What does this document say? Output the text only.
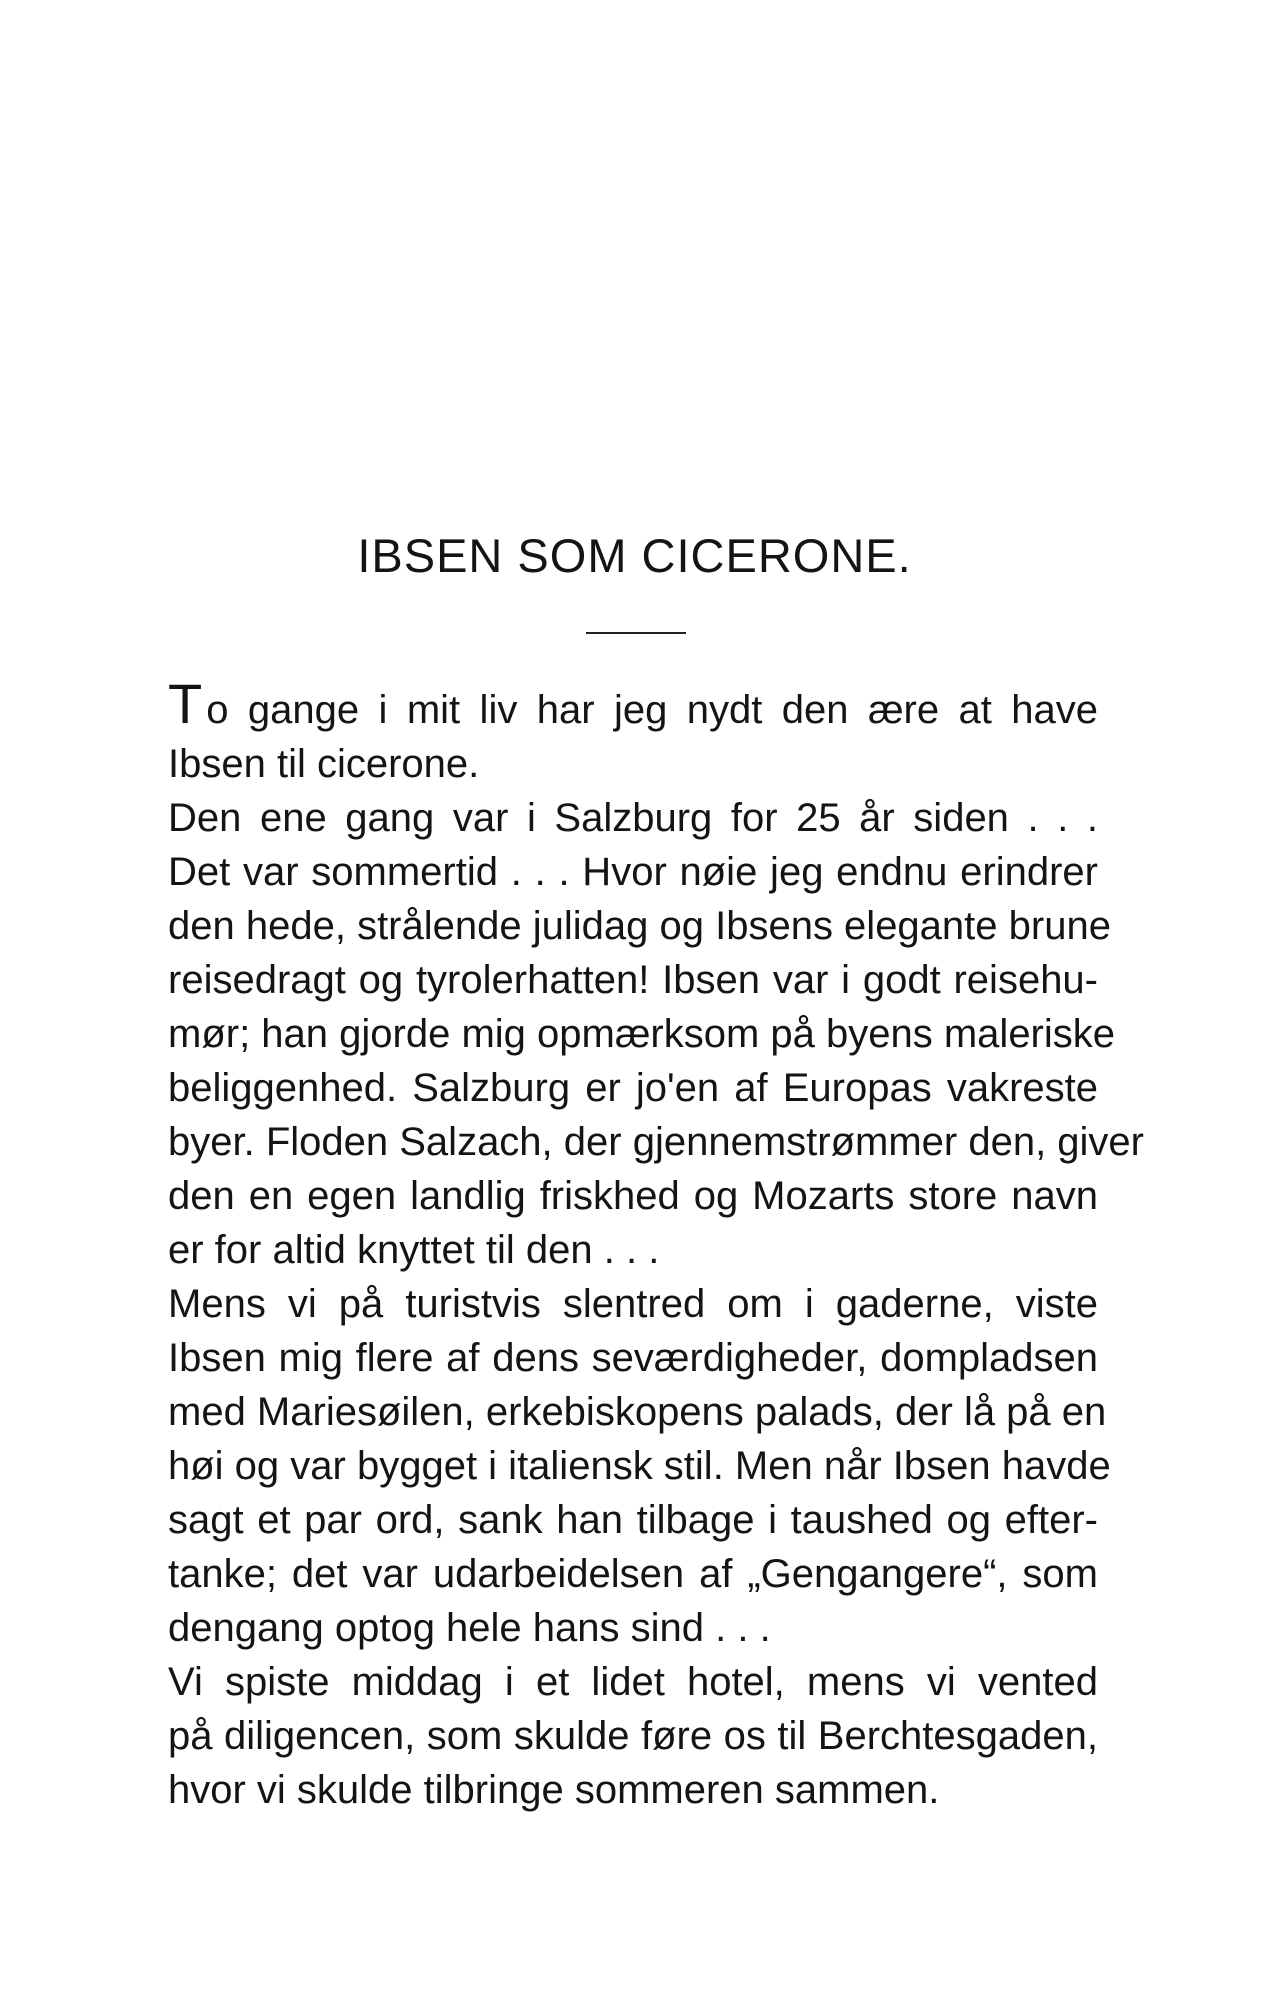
IBSEN SOM CICERONE.
T o gange i mit liv har jeg nydt den ære at have
Ibsen til cicerone.
Den ene gang var i Salzburg for 25 år siden . . .
Det var sommertid . . . Hvor nøie jeg endnu erindrer
den hede, strålende julidag og Ibsens elegante brune
reisedragt og tyrolerhatten! Ibsen var i godt reisehu-
mør; han gjorde mig opmærksom på byens maleriske
beliggenhed. Salzburg er jo'en af Europas vakreste
byer. Floden Salzach, der gjennemstrømmer den, giver
den en egen landlig friskhed og Mozarts store navn
er for altid knyttet til den . . .
Mens vi på turistvis slentred om i gaderne, viste
Ibsen mig flere af dens seværdigheder, dompladsen
med Mariesøilen, erkebiskopens palads, der lå på en
høi og var bygget i italiensk stil. Men når Ibsen havde
sagt et par ord, sank han tilbage i taushed og efter-
tanke; det var udarbeidelsen af „Gengangere“, som
dengang optog hele hans sind . . .
Vi spiste middag i et lidet hotel, mens vi vented
på diligencen, som skulde føre os til Berchtesgaden,
hvor vi skulde tilbringe sommeren sammen.
